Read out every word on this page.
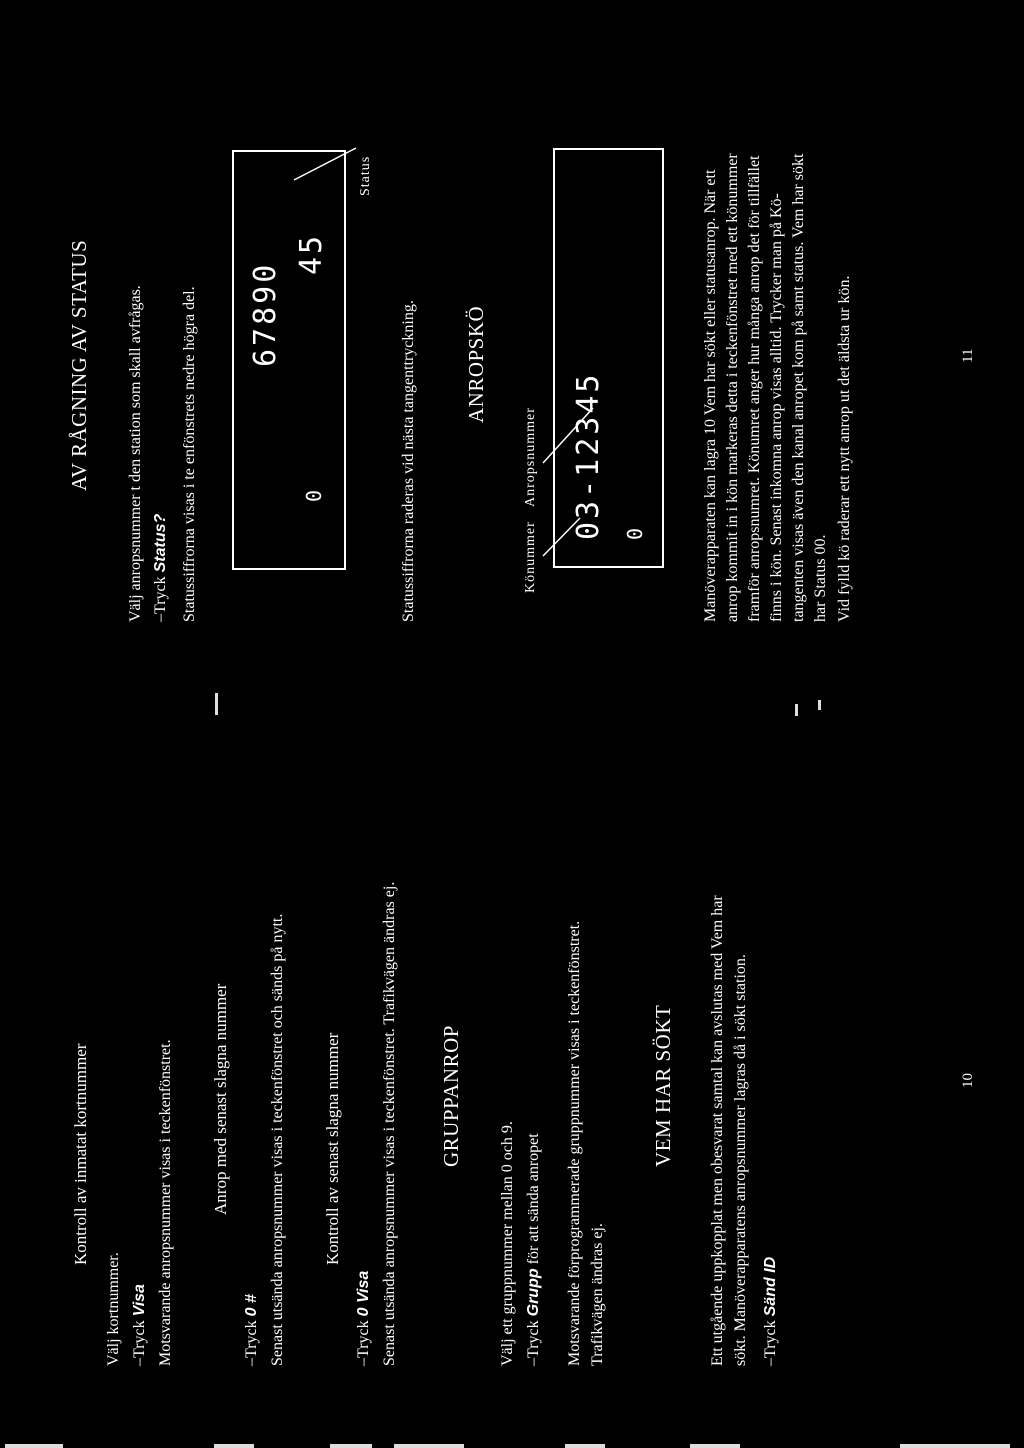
Kontroll av inmatat kortnummer
Välj kortnummer. –Tryck Visa Motsvarande anropsnummer visas i teckenfönstret. Anrop med senast slagna nummer
–Tryck 0 # Senast utsända anropsnummer visas i teckenfönstret och sänds på nytt. Kontroll av senast slagna nummer
–Tryck 0 Visa Senast utsända anropsnummer visas i teckenfönstret. Trafikvägen ändras ej. GRUPPANROP
Välj ett gruppnummer mellan 0 och 9. –Tryck Grupp för att sända anropet Motsvarande förprogrammerade gruppnummer visas i teckenfönstret. Trafikvägen ändras ej.
VEM HAR SÖKT Ett utgående uppkopplat men obesvarat samtal kan avslutas med Vem har sökt. Manöverapparatens anropsnummer lagras då i sökt station. –Tryck Sänd ID
10
AV RÅGNING AV STATUS Välj anropsnummer t den station som skall avfrågas. –Tryck Status? Statussiffrorna visas i te enfönstrets nedre högra del. 67890
0
45
Status
Statussiffrorna raderas vid nästa tangenttryckning. ANROPSKÖ
Könummer
Anropsnummer
03-12345
0	Manöverapparaten kan lagra 10 Vem har sökt eller statusanrop. När ett anrop kommit in i kön markeras detta i teckenfönstret med ett könummer framför anropsnumret. Könumret anger hur många anrop det för tillfället finns i kön. Senast inkomna anrop visas alltid. Trycker man på Kö- tangenten visas även den kanal anropet kom på samt status. Vem har sökt har Status 00. Vid fylld kö raderar ett nytt anrop ut det äldsta ur kön.	11
